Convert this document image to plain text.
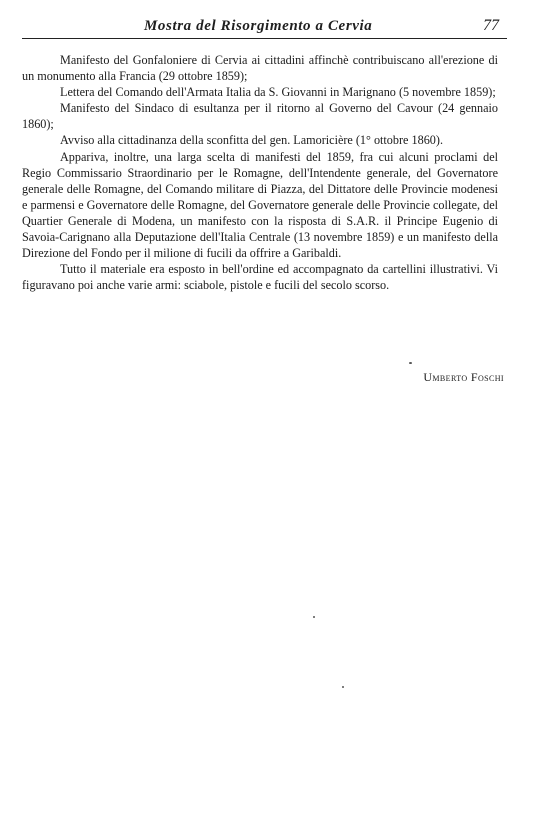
Mostra del Risorgimento a Cervia	77

Manifesto del Gonfaloniere di Cervia ai cittadini affinchè contribuiscano all'erezione di un monumento alla Francia (29 ottobre 1859);

Lettera del Comando dell'Armata Italia da S. Giovanni in Marignano (5 novembre 1859);

Manifesto del Sindaco di esultanza per il ritorno al Governo del Cavour (24 gennaio 1860);

Avviso alla cittadinanza della sconfitta del gen. Lamoricière (1° ottobre 1860).

Appariva, inoltre, una larga scelta di manifesti del 1859, fra cui alcuni proclami del Regio Commissario Straordinario per le Romagne, dell'Intendente generale, del Governatore generale delle Romagne, del Comando militare di Piazza, del Dittatore delle Provincie modenesi e parmensi e Governatore delle Romagne, del Governatore generale delle Provincie collegate, del Quartier Generale di Modena, un manifesto con la risposta di S.A.R. il Principe Eugenio di Savoia-Carignano alla Deputazione dell'Italia Centrale (13 novembre 1859) e un manifesto della Direzione del Fondo per il milione di fucili da offrire a Garibaldi.

Tutto il materiale era esposto in bell'ordine ed accompagnato da cartellini illustrativi. Vi figuravano poi anche varie armi: sciabole, pistole e fucili del secolo scorso.

Umberto Foschi
